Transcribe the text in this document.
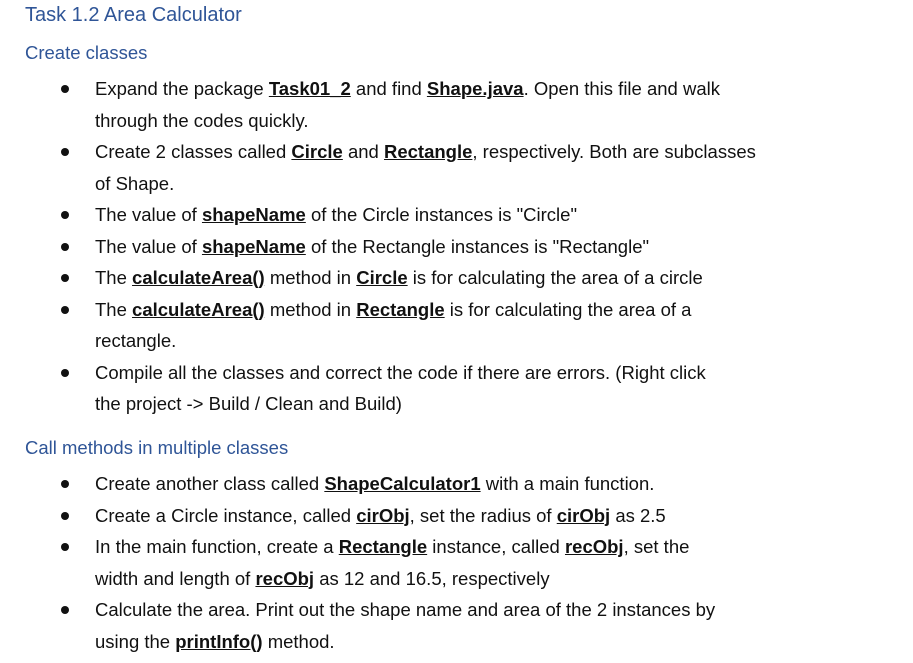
Task 1.2 Area Calculator
Create classes
Expand the package Task01_2 and find Shape.java. Open this file and walk
through the codes quickly.
Create 2 classes called Circle and Rectangle, respectively. Both are subclasses
of Shape.
The value of shapeName of the Circle instances is "Circle"
The value of shapeName of the Rectangle instances is "Rectangle"
The calculateArea() method in Circle is for calculating the area of a circle
The calculateArea() method in Rectangle is for calculating the area of a
rectangle.
Compile all the classes and correct the code if there are errors. (Right click
the project -> Build / Clean and Build)
Call methods in multiple classes
Create another class called ShapeCalculator1 with a main function.
Create a Circle instance, called cirObj, set the radius of cirObj as 2.5
In the main function, create a Rectangle instance, called recObj, set the
width and length of recObj as 12 and 16.5, respectively
Calculate the area. Print out the shape name and area of the 2 instances by
using the printInfo() method.
